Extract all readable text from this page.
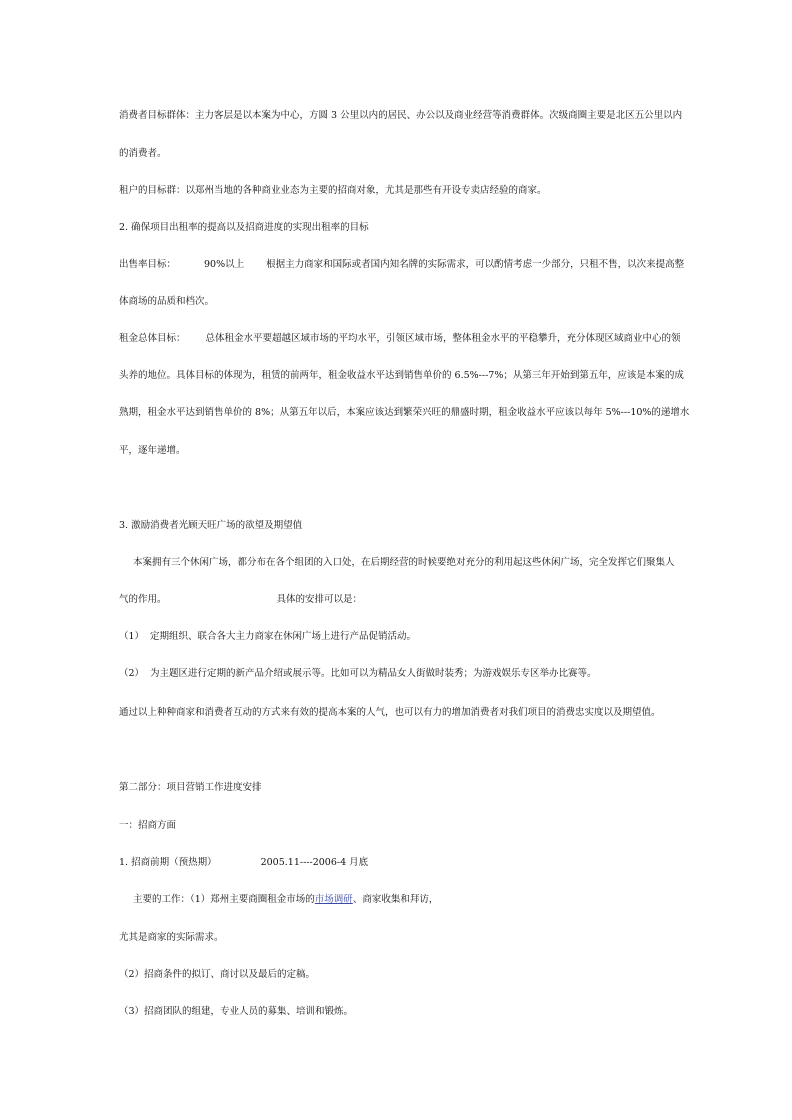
消费者目标群体：主力客层是以本案为中心，方圆 3 公里以内的居民、办公以及商业经营等消费群体。次级商圈主要是北区五公里以内
的消费者。
租户的目标群：以郑州当地的各种商业业态为主要的招商对象，尤其是那些有开设专卖店经验的商家。
2. 确保项目出租率的提高以及招商进度的实现出租率的目标
出售率目标：	90%以上 根据主力商家和国际或者国内知名牌的实际需求，可以酌情考虑一少部分，只租不售，以次来提高整
体商场的品质和档次。
租金总体目标： 总体租金水平要超越区域市场的平均水平，引领区域市场，整体租金水平的平稳攀升，充分体现区域商业中心的领
头养的地位。具体目标的体现为，租赁的前两年，租金收益水平达到销售单价的 6.5%---7%；从第三年开始到第五年，应该是本案的成
熟期，租金水平达到销售单价的 8%；从第五年以后，本案应该达到繁荣兴旺的鼎盛时期，租金收益水平应该以每年 5%---10%的递增水
平，逐年递增。
3. 激励消费者光顾天旺广场的欲望及期望值
本案拥有三个休闲广场，都分布在各个组团的入口处，在后期经营的时候要绝对充分的利用起这些休闲广场，完全发挥它们聚集人
气的作用。	具体的安排可以是：
（1） 定期组织、联合各大主力商家在休闲广场上进行产品促销活动。
（2） 为主题区进行定期的新产品介绍或展示等。比如可以为精品女人街做时装秀；为游戏娱乐专区举办比赛等。
通过以上种种商家和消费者互动的方式来有效的提高本案的人气，也可以有力的增加消费者对我们项目的消费忠实度以及期望值。
第二部分：项目营销工作进度安排
一：招商方面
1. 招商前期（预热期）	2005.11----2006-4 月底
主要的工作：（1）郑州主要商圈租金市场的市场调研、商家收集和拜访，
尤其是商家的实际需求。
（2）招商条件的拟订、商讨以及最后的定稿。
（3）招商团队的组建，专业人员的募集、培训和锻炼。
